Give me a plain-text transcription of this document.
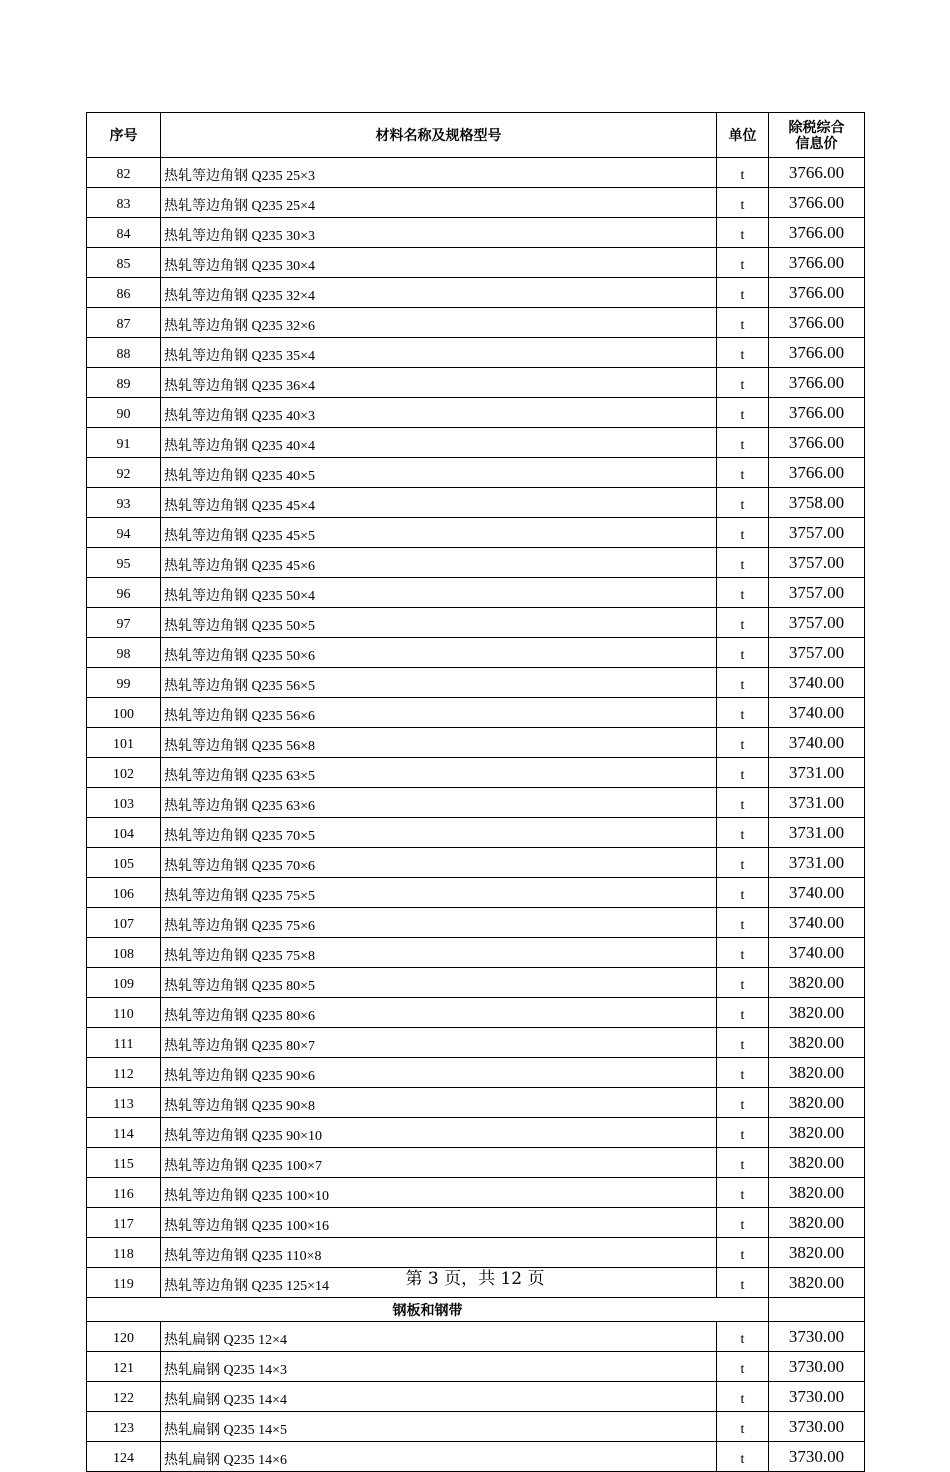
序号	材料名称及规格型号	单位	除税综合
信息价
82	热轧等边角钢 Q235 25×3	t	3766.00
83	热轧等边角钢 Q235 25×4	t	3766.00
84	热轧等边角钢 Q235 30×3	t	3766.00
85	热轧等边角钢 Q235 30×4	t	3766.00
86	热轧等边角钢 Q235 32×4	t	3766.00
87	热轧等边角钢 Q235 32×6	t	3766.00
88	热轧等边角钢 Q235 35×4	t	3766.00
89	热轧等边角钢 Q235 36×4	t	3766.00
90	热轧等边角钢 Q235 40×3	t	3766.00
91	热轧等边角钢 Q235 40×4	t	3766.00
92	热轧等边角钢 Q235 40×5	t	3766.00
93	热轧等边角钢 Q235 45×4	t	3758.00
94	热轧等边角钢 Q235 45×5	t	3757.00
95	热轧等边角钢 Q235 45×6	t	3757.00
96	热轧等边角钢 Q235 50×4	t	3757.00
97	热轧等边角钢 Q235 50×5	t	3757.00
98	热轧等边角钢 Q235 50×6	t	3757.00
99	热轧等边角钢 Q235 56×5	t	3740.00
100	热轧等边角钢 Q235 56×6	t	3740.00
101	热轧等边角钢 Q235 56×8	t	3740.00
102	热轧等边角钢 Q235 63×5	t	3731.00
103	热轧等边角钢 Q235 63×6	t	3731.00
104	热轧等边角钢 Q235 70×5	t	3731.00
105	热轧等边角钢 Q235 70×6	t	3731.00
106	热轧等边角钢 Q235 75×5	t	3740.00
107	热轧等边角钢 Q235 75×6	t	3740.00
108	热轧等边角钢 Q235 75×8	t	3740.00
109	热轧等边角钢 Q235 80×5	t	3820.00
110	热轧等边角钢 Q235 80×6	t	3820.00
111	热轧等边角钢 Q235 80×7	t	3820.00
112	热轧等边角钢 Q235 90×6	t	3820.00
113	热轧等边角钢 Q235 90×8	t	3820.00
114	热轧等边角钢 Q235 90×10	t	3820.00
115	热轧等边角钢 Q235 100×7	t	3820.00
116	热轧等边角钢 Q235 100×10	t	3820.00
117	热轧等边角钢 Q235 100×16	t	3820.00
118	热轧等边角钢 Q235 110×8	t	3820.00
119	热轧等边角钢 Q235 125×14	t	3820.00
钢板和钢带			
120	热轧扁钢 Q235 12×4	t	3730.00
121	热轧扁钢 Q235 14×3	t	3730.00
122	热轧扁钢 Q235 14×4	t	3730.00
123	热轧扁钢 Q235 14×5	t	3730.00
124	热轧扁钢 Q235 14×6	t	3730.00
第 3 页，共 12 页
